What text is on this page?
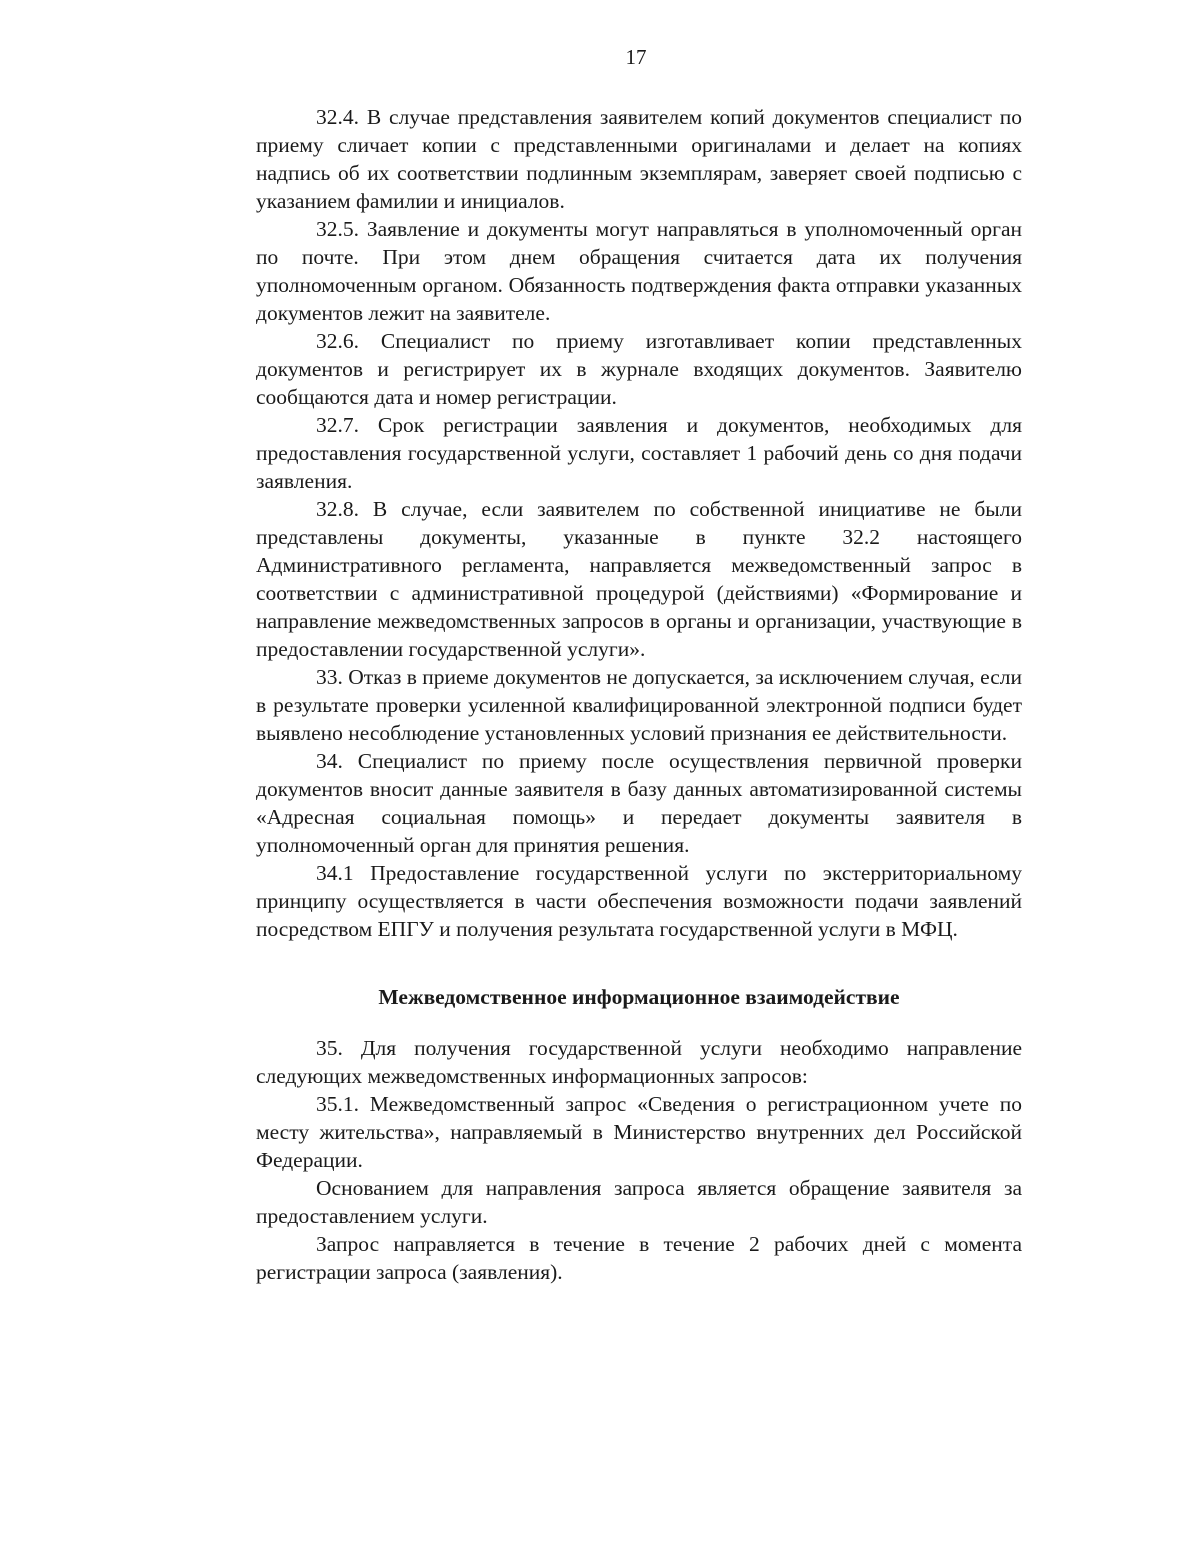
17

32.4. В случае представления заявителем копий документов специалист по приему сличает копии с представленными оригиналами и делает на копиях надпись об их соответствии подлинным экземплярам, заверяет своей подписью с указанием фамилии и инициалов.

32.5. Заявление и документы могут направляться в уполномоченный орган по почте. При этом днем обращения считается дата их получения уполномоченным органом. Обязанность подтверждения факта отправки указанных документов лежит на заявителе.

32.6. Специалист по приему изготавливает копии представленных документов и регистрирует их в журнале входящих документов. Заявителю сообщаются дата и номер регистрации.

32.7. Срок регистрации заявления и документов, необходимых для предоставления государственной услуги, составляет 1 рабочий день со дня подачи заявления.

32.8. В случае, если заявителем по собственной инициативе не были представлены документы, указанные в пункте 32.2 настоящего Административного регламента, направляется межведомственный запрос в соответствии с административной процедурой (действиями) «Формирование и направление межведомственных запросов в органы и организации, участвующие в предоставлении государственной услуги».

33. Отказ в приеме документов не допускается, за исключением случая, если в результате проверки усиленной квалифицированной электронной подписи будет выявлено несоблюдение установленных условий признания ее действительности.

34. Специалист по приему после осуществления первичной проверки документов вносит данные заявителя в базу данных автоматизированной системы «Адресная социальная помощь» и передает документы заявителя в уполномоченный орган для принятия решения.

34.1 Предоставление государственной услуги по экстерриториальному принципу осуществляется в части обеспечения возможности подачи заявлений посредством ЕПГУ и получения результата государственной услуги в МФЦ.

Межведомственное информационное взаимодействие

35. Для получения государственной услуги необходимо направление следующих межведомственных информационных запросов:

35.1. Межведомственный запрос «Сведения о регистрационном учете по месту жительства», направляемый в Министерство внутренних дел Российской Федерации.

Основанием для направления запроса является обращение заявителя за предоставлением услуги.

Запрос направляется в течение в течение 2 рабочих дней с момента регистрации запроса (заявления).
